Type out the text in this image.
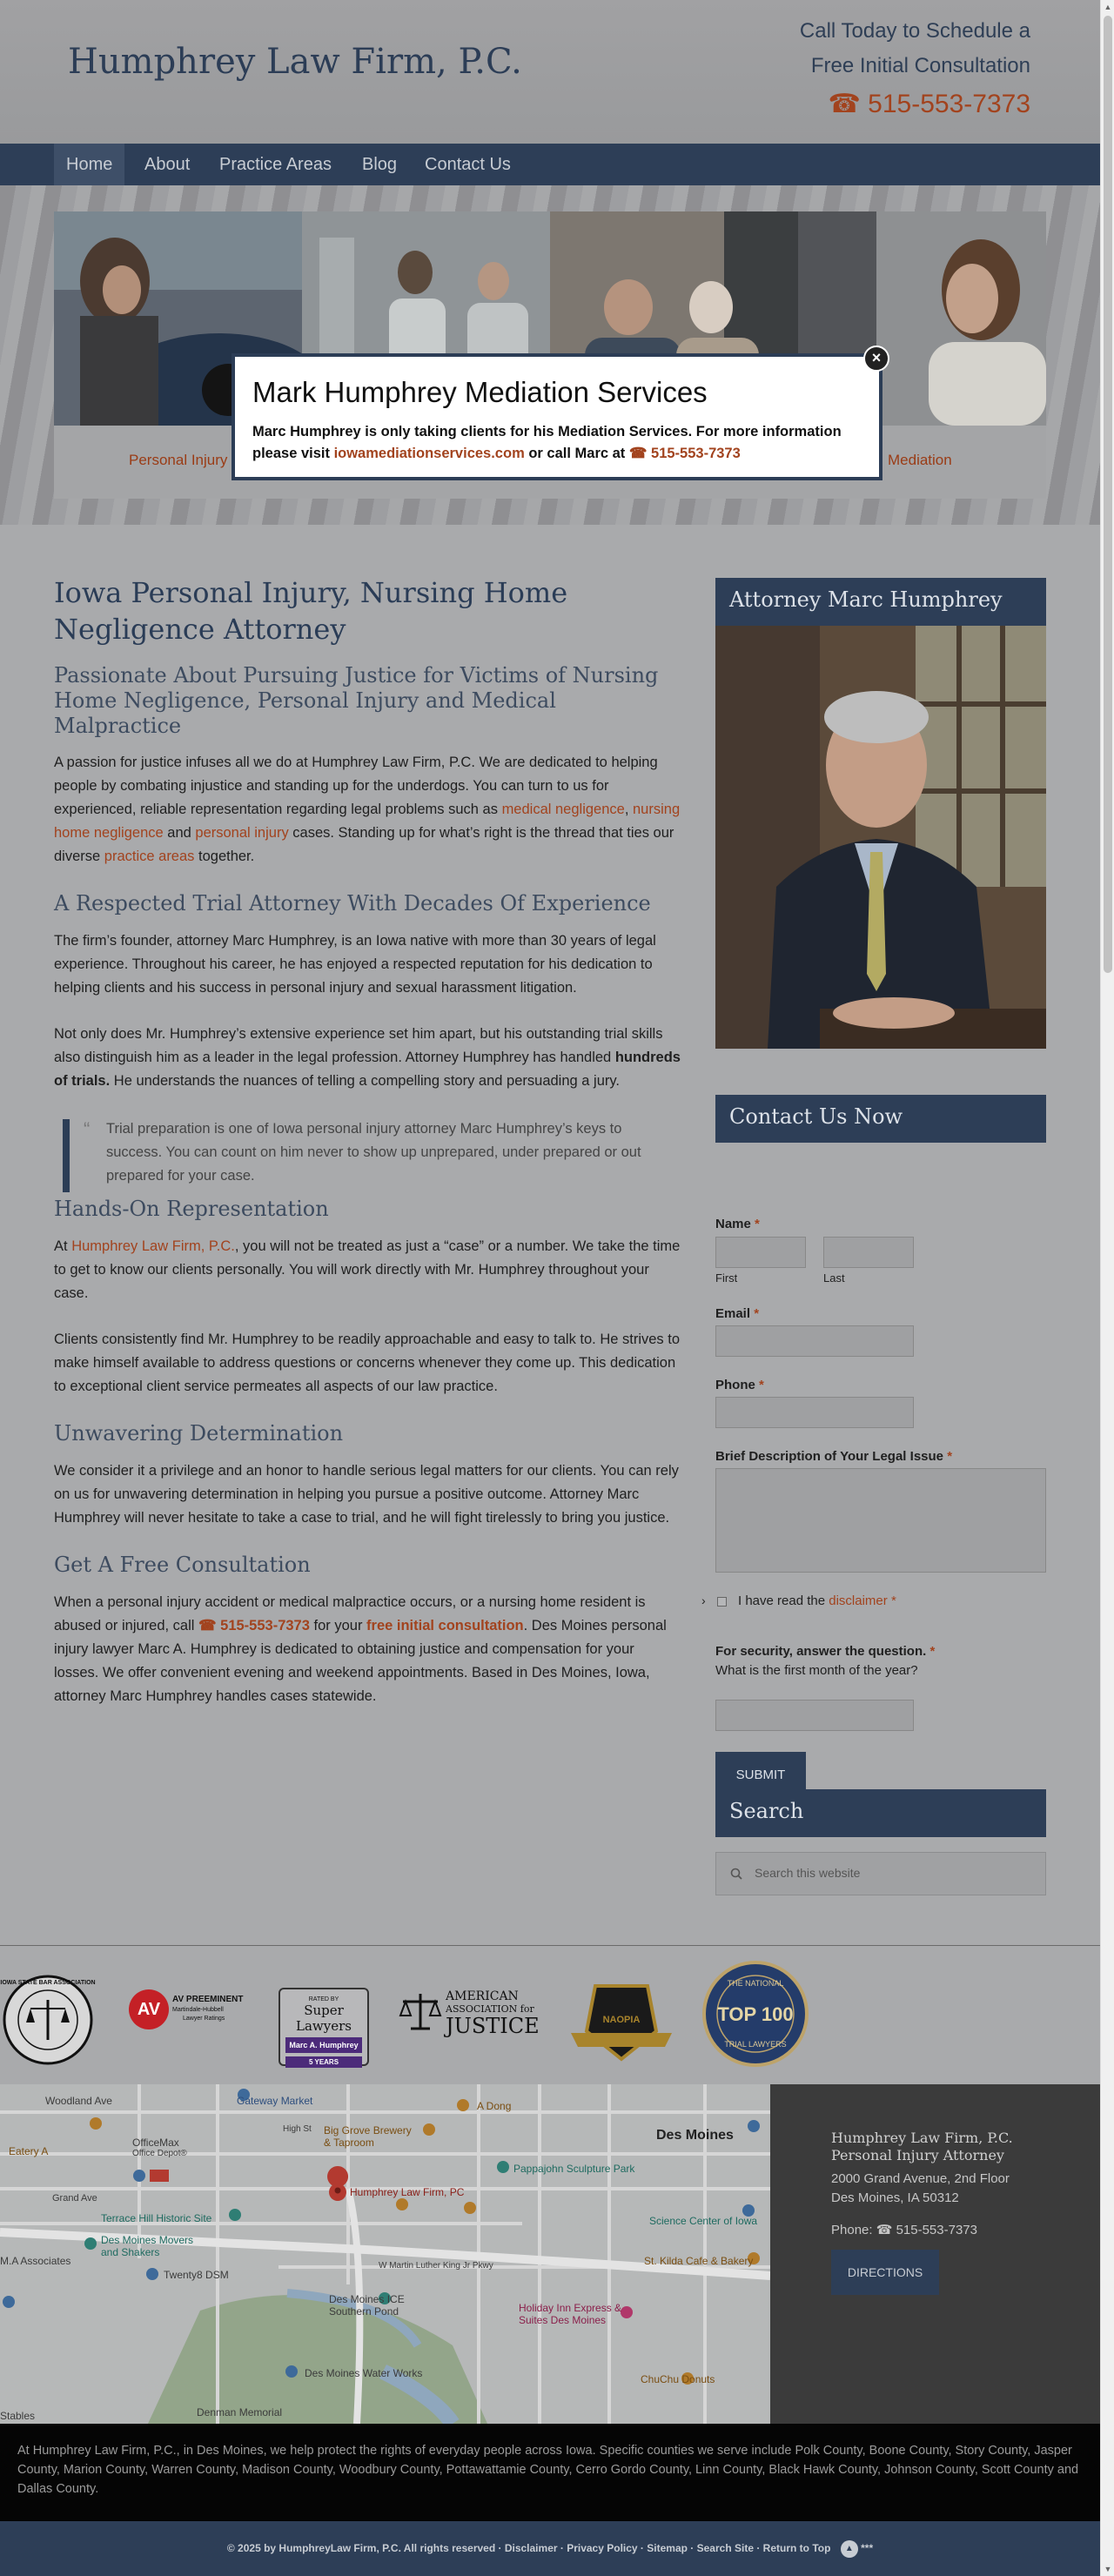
Humphrey Law Firm, P.C.
Call Today to Schedule a
Free Initial Consultation
☎ 515-553-7373
Home	About	Practice Areas	Blog	Contact Us
Personal Injury	Mediation
Iowa Personal Injury, Nursing Home Negligence Attorney
Passionate About Pursuing Justice for Victims of Nursing Home Negligence, Personal Injury and Medical Malpractice
A passion for justice infuses all we do at Humphrey Law Firm, P.C. We are dedicated to helping people by combating injustice and standing up for the underdogs. You can turn to us for experienced, reliable representation regarding legal problems such as medical negligence, nursing home negligence and personal injury cases. Standing up for what’s right is the thread that ties our diverse practice areas together.
A Respected Trial Attorney With Decades Of Experience
The firm’s founder, attorney Marc Humphrey, is an Iowa native with more than 30 years of legal experience. Throughout his career, he has enjoyed a respected reputation for his dedication to helping clients and his success in personal injury and sexual harassment litigation.
Not only does Mr. Humphrey’s extensive experience set him apart, but his outstanding trial skills also distinguish him as a leader in the legal profession. Attorney Humphrey has handled hundreds of trials. He understands the nuances of telling a compelling story and persuading a jury.
“ Trial preparation is one of Iowa personal injury attorney Marc Humphrey’s keys to success. You can count on him never to show up unprepared, under prepared or out prepared for your case.
Hands-On Representation
At Humphrey Law Firm, P.C., you will not be treated as just a “case” or a number. We take the time to get to know our clients personally. You will work directly with Mr. Humphrey throughout your case.
Clients consistently find Mr. Humphrey to be readily approachable and easy to talk to. He strives to make himself available to address questions or concerns whenever they come up. This dedication to exceptional client service permeates all aspects of our law practice.
Unwavering Determination
We consider it a privilege and an honor to handle serious legal matters for our clients. You can rely on us for unwavering determination in helping you pursue a positive outcome. Attorney Marc Humphrey will never hesitate to take a case to trial, and he will fight tirelessly to bring you justice.
Get A Free Consultation
When a personal injury accident or medical malpractice occurs, or a nursing home resident is abused or injured, call ☎ 515-553-7373 for your free initial consultation. Des Moines personal injury lawyer Marc A. Humphrey is dedicated to obtaining justice and compensation for your losses. We offer convenient evening and weekend appointments. Based in Des Moines, Iowa, attorney Marc Humphrey handles cases statewide.
Attorney Marc Humphrey
Contact Us Now
Name *
First	Last
Email *
Phone *
Brief Description of Your Legal Issue *
› I have read the disclaimer *
For security, answer the question. *
What is the first month of the year?
SUBMIT
Search
Search this website
IOWA STATE BAR ASSOCIATION
AV
AV PREEMINENT
Martindale-Hubbell
Lawyer Ratings
RATED BY
Super Lawyers
Marc A. Humphrey
5 YEARS
AMERICAN
ASSOCIATION for
JUSTICE	NAOPIA
THE NATIONAL
TOP 100
TRIAL LAWYERS
Woodland Ave	Gateway Market	A Dong
Des Moines
Eatery A
OfficeMax
Office Depot®
High St Big Grove Brewery & Taproom
Pappajohn Sculpture Park
Humphrey Law Firm, PC
Terrace Hill Historic Site
Grand Ave
Des Moines Movers and Shakers
Science Center of Iowa
Twenty8 DSM
St. Kilda Cafe & Bakery
W Martin Luther King Jr Pkwy
Des Moines ICE Southern Pond	Holiday Inn Express & Suites Des Moines
Des Moines Water Works	ChuChu Donuts
Denman Memorial
M.A Associates
Stables
Humphrey Law Firm, P.C.
Personal Injury Attorney
2000 Grand Avenue, 2nd Floor
Des Moines, IA 50312
Phone: ☎ 515-553-7373
DIRECTIONS
At Humphrey Law Firm, P.C., in Des Moines, we help protect the rights of everyday people across Iowa. Specific counties we serve include Polk County, Boone County, Story County, Jasper County, Marion County, Warren County, Madison County, Woodbury County, Pottawattamie County, Cerro Gordo County, Linn County, Black Hawk County, Johnson County, Scott County and Dallas County.
© 2025 by HumphreyLaw Firm, P.C. All rights reserved · Disclaimer · Privacy Policy · Sitemap · Search Site · Return to Top ▲ ***
Mark Humphrey Mediation Services
Marc Humphrey is only taking clients for his Mediation Services. For more information please visit iowamediationservices.com or call Marc at ☎ 515-553-7373
×
▲
▼
